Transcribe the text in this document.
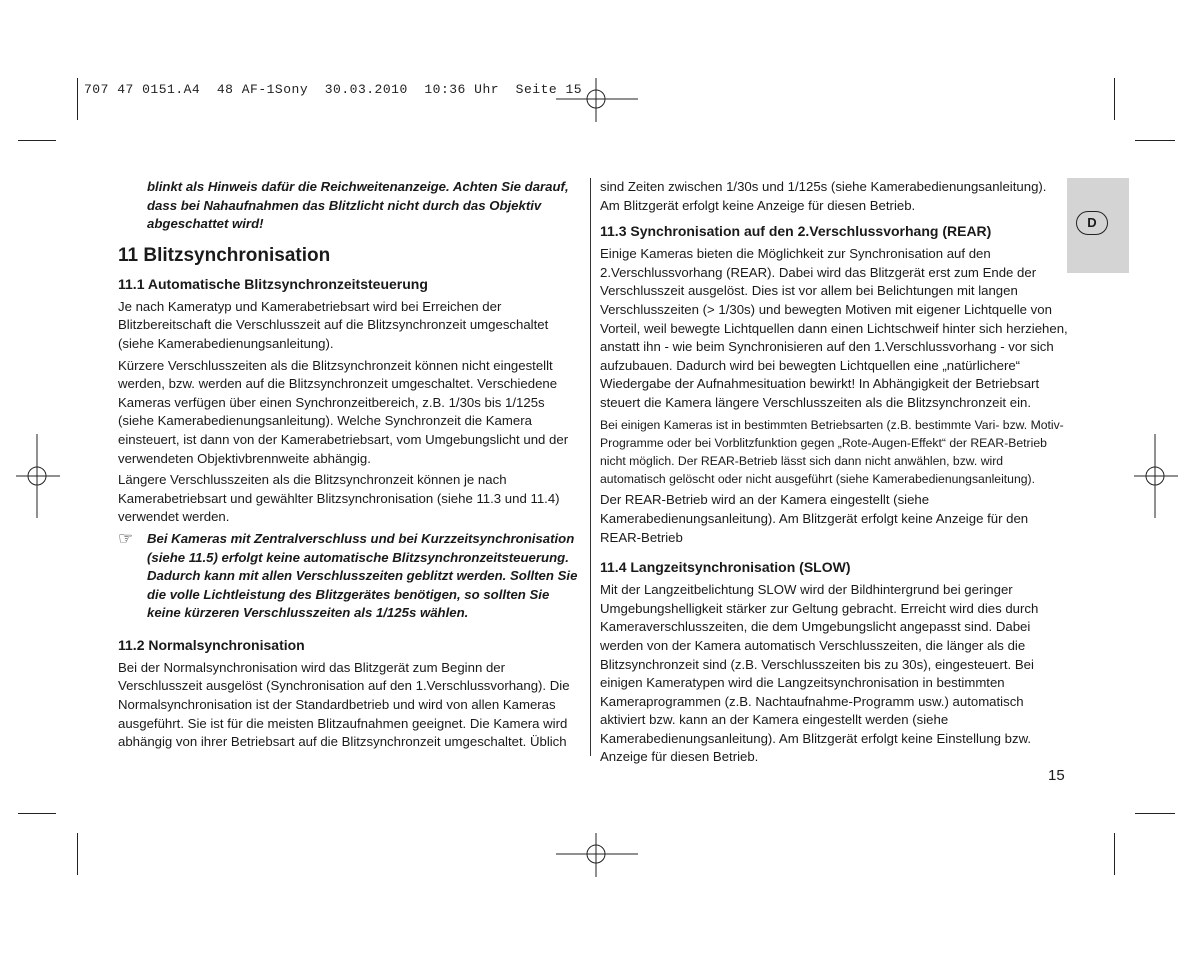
707 47 0151.A4  48 AF-1Sony  30.03.2010  10:36 Uhr  Seite 15

blinkt als Hinweis dafür die Reichweitenanzeige. Achten Sie darauf, dass bei Nahaufnahmen das Blitzlicht nicht durch das Objektiv abgeschattet wird!

11 Blitzsynchronisation
11.1 Automatische Blitzsynchronzeitsteuerung

Je nach Kameratyp und Kamerabetriebsart wird bei Erreichen der Blitzbereitschaft die Verschlusszeit auf die Blitzsynchronzeit umgeschaltet (siehe Kamerabedienungsanleitung).

Kürzere Verschlusszeiten als die Blitzsynchronzeit können nicht eingestellt werden, bzw. werden auf die Blitzsynchronzeit umgeschaltet. Verschiedene Kameras verfügen über einen Synchronzeitbereich, z.B. 1/30s bis 1/125s (siehe Kamerabedienungsanleitung). Welche Synchronzeit die Kamera einsteuert, ist dann von der Kamerabetriebsart, vom Umgebungslicht und der verwendeten Objektivbrennweite abhängig.

Längere Verschlusszeiten als die Blitzsynchronzeit können je nach Kamerabetriebsart und gewählter Blitzsynchronisation (siehe 11.3 und 11.4) verwendet werden.

☞ Bei Kameras mit Zentralverschluss und bei Kurzzeitsynchronisation (siehe 11.5) erfolgt keine automatische Blitzsynchronzeitsteuerung. Dadurch kann mit allen Verschlusszeiten geblitzt werden. Sollten Sie die volle Lichtleistung des Blitzgerätes benötigen, so sollten Sie keine kürzeren Verschlusszeiten als 1/125s wählen.

11.2 Normalsynchronisation

Bei der Normalsynchronisation wird das Blitzgerät zum Beginn der Verschlusszeit ausgelöst (Synchronisation auf den 1.Verschlussvorhang). Die Normalsynchronisation ist der Standardbetrieb und wird von allen Kameras ausgeführt. Sie ist für die meisten Blitzaufnahmen geeignet. Die Kamera wird abhängig von ihrer Betriebsart auf die Blitzsynchronzeit umgeschaltet. Üblich

sind Zeiten zwischen 1/30s und 1/125s (siehe Kamerabedienungsanleitung). Am Blitzgerät erfolgt keine Anzeige für diesen Betrieb.

11.3 Synchronisation auf den 2.Verschlussvorhang (REAR)

Einige Kameras bieten die Möglichkeit zur Synchronisation auf den 2.Verschlussvorhang (REAR). Dabei wird das Blitzgerät erst zum Ende der Verschlusszeit ausgelöst. Dies ist vor allem bei Belichtungen mit langen Verschlusszeiten (> 1/30s) und bewegten Motiven mit eigener Lichtquelle von Vorteil, weil bewegte Lichtquellen dann einen Lichtschweif hinter sich herziehen, anstatt ihn - wie beim Synchronisieren auf den 1.Verschlussvorhang - vor sich aufzubauen. Dadurch wird bei bewegten Lichtquellen eine „natürlichere“ Wiedergabe der Aufnahmesituation bewirkt! In Abhängigkeit der Betriebsart steuert die Kamera längere Verschlusszeiten als die Blitzsynchronzeit ein.

Bei einigen Kameras ist in bestimmten Betriebsarten (z.B. bestimmte Vari- bzw. Motiv-Programme oder bei Vorblitzfunktion gegen „Rote-Augen-Effekt“ der REAR-Betrieb nicht möglich. Der REAR-Betrieb lässt sich dann nicht anwählen, bzw. wird automatisch gelöscht oder nicht ausgeführt (siehe Kamerabedienungsanleitung).

Der REAR-Betrieb wird an der Kamera eingestellt (siehe Kamerabedienungsanleitung). Am Blitzgerät erfolgt keine Anzeige für den REAR-Betrieb

11.4 Langzeitsynchronisation (SLOW)

Mit der Langzeitbelichtung SLOW wird der Bildhintergrund bei geringer Umgebungshelligkeit stärker zur Geltung gebracht. Erreicht wird dies durch Kameraverschlusszeiten, die dem Umgebungslicht angepasst sind. Dabei werden von der Kamera automatisch Verschlusszeiten, die länger als die Blitzsynchronzeit sind (z.B. Verschlusszeiten bis zu 30s), eingesteuert. Bei einigen Kameratypen wird die Langzeitsynchronisation in bestimmten Kameraprogrammen (z.B. Nachtaufnahme-Programm usw.) automatisch aktiviert bzw. kann an der Kamera eingestellt werden (siehe Kamerabedienungsanleitung). Am Blitzgerät erfolgt keine Einstellung bzw. Anzeige für diesen Betrieb.

D
15
